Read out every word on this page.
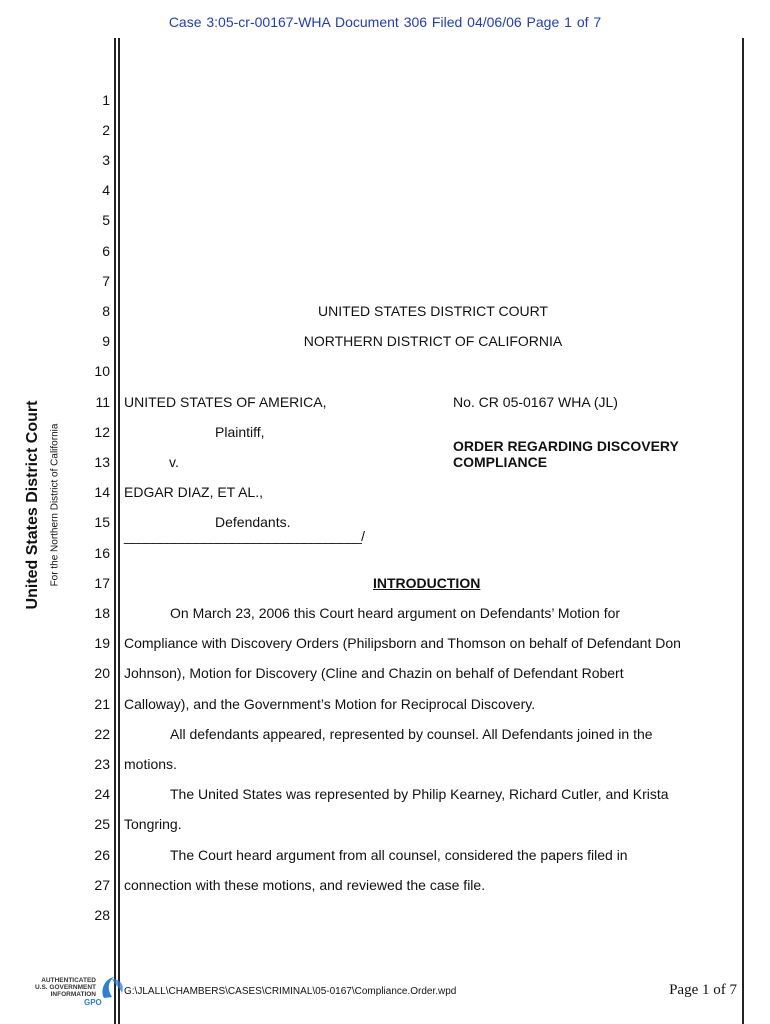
Case 3:05-cr-00167-WHA Document 306 Filed 04/06/06 Page 1 of 7
United States District Court For the Northern District of California
1
2
3
4
5
6
7
8
9
10
11
12
13
14
15
16
17
18
19
20
21
22
23
24
25
26
27
28
UNITED STATES DISTRICT COURT
NORTHERN DISTRICT OF CALIFORNIA
UNITED STATES OF AMERICA,	No. CR 05-0167 WHA (JL)
Plaintiff,
ORDER REGARDING DISCOVERY
COMPLIANCE
v.
EDGAR DIAZ, ET AL.,
Defendants.
_________________________________/
INTRODUCTION
On March 23, 2006 this Court heard argument on Defendants’ Motion for
Compliance with Discovery Orders (Philipsborn and Thomson on behalf of Defendant Don
Johnson), Motion for Discovery (Cline and Chazin on behalf of Defendant Robert
Calloway), and the Government’s Motion for Reciprocal Discovery.
All defendants appeared, represented by counsel. All Defendants joined in the
motions.
The United States was represented by Philip Kearney, Richard Cutler, and Krista
Tongring.
The Court heard argument from all counsel, considered the papers filed in
connection with these motions, and reviewed the case file.
AUTHENTICATED
U.S. GOVERNMENT
INFORMATION
GPO
G:\JLALL\CHAMBERS\CASES\CRIMINAL\05-0167\Compliance.Order.wpd	Page 1 of 7
